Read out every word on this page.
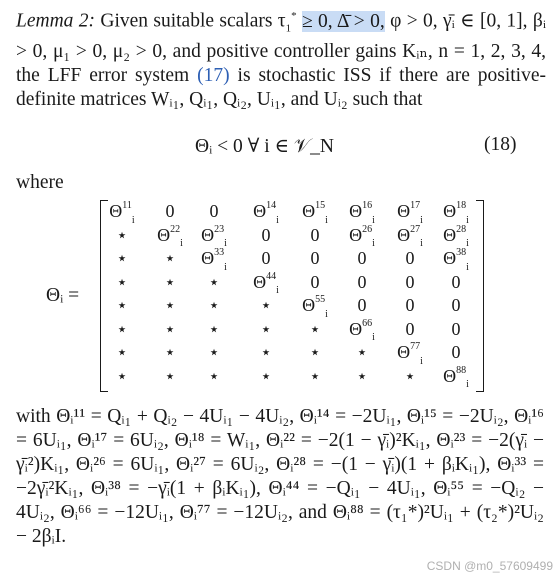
Lemma 2: Given suitable scalars $\tau_1^* \ge 0$, Δ̄ > 0, φ > 0, γ̄ᵢ ∈ [0, 1], βᵢ > 0, μ₁ > 0, μ₂ > 0, and positive controller gains Kᵢₙ, n = 1, 2, 3, 4, the LFF error system (17) is stochastic ISS if there are positive-definite matrices Wᵢ₁, Qᵢ₁, Qᵢ₂, Uᵢ₁, and Uᵢ₂ such that
Θᵢ < 0 ∀ i ∈ 𝒱_N	(18)
where
Θᵢ =
$\Theta^{11}_i$ 0 0 $\Theta^{14}_i$ $\Theta^{15}_i$ $\Theta^{16}_i$ $\Theta^{17}_i$ $\Theta^{18}_i$
⋆ $\Theta^{22}_i$ $\Theta^{23}_i$ 0 0 $\Theta^{26}_i$ $\Theta^{27}_i$ $\Theta^{28}_i$
⋆ ⋆ $\Theta^{33}_i$ 0 0 0 0 $\Theta^{38}_i$
⋆ ⋆ ⋆ $\Theta^{44}_i$ 0 0 0 0
⋆ ⋆ ⋆ ⋆ $\Theta^{55}_i$ 0 0 0
⋆ ⋆ ⋆ ⋆ ⋆ $\Theta^{66}_i$ 0 0
⋆ ⋆ ⋆ ⋆ ⋆ ⋆ $\Theta^{77}_i$ 0
⋆ ⋆ ⋆ ⋆ ⋆ ⋆ ⋆ $\Theta^{88}_i$
with Θᵢ¹¹ = Qᵢ₁ + Qᵢ₂ − 4Uᵢ₁ − 4Uᵢ₂, Θᵢ¹⁴ = −2Uᵢ₁, Θᵢ¹⁵ = −2Uᵢ₂, Θᵢ¹⁶ = 6Uᵢ₁, Θᵢ¹⁷ = 6Uᵢ₂, Θᵢ¹⁸ = Wᵢ₁, Θᵢ²² = −2(1 − γ̄ᵢ)²Kᵢ₁, Θᵢ²³ = −2(γ̄ᵢ − γ̄ᵢ²)Kᵢ₁, Θᵢ²⁶ = 6Uᵢ₁, Θᵢ²⁷ = 6Uᵢ₂, Θᵢ²⁸ = −(1 − γ̄ᵢ)(1 + βᵢKᵢ₁), Θᵢ³³ = −2γ̄ᵢ²Kᵢ₁, Θᵢ³⁸ = −γ̄ᵢ(1 + βᵢKᵢ₁), Θᵢ⁴⁴ = −Qᵢ₁ − 4Uᵢ₁, Θᵢ⁵⁵ = −Qᵢ₂ − 4Uᵢ₂, Θᵢ⁶⁶ = −12Uᵢ₁, Θᵢ⁷⁷ = −12Uᵢ₂, and Θᵢ⁸⁸ = (τ₁*)²Uᵢ₁ + (τ₂*)²Uᵢ₂ − 2βᵢI.
CSDN @m0_57609499
